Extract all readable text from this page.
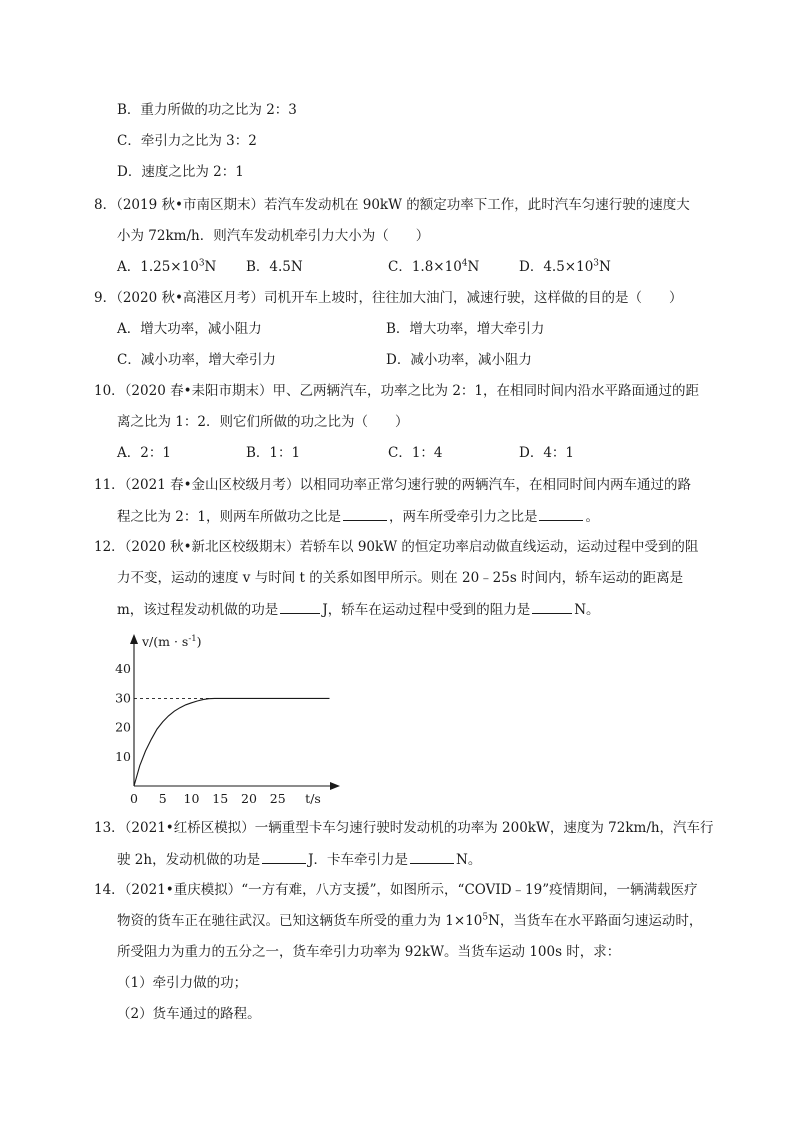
B．重力所做的功之比为 2：3
C．牵引力之比为 3：2
D．速度之比为 2：1
8．（2019 秋•市南区期末）若汽车发动机在 90kW 的额定功率下工作，此时汽车匀速行驶的速度大
小为 72km/h．则汽车发动机牵引力大小为（　　）
A．$1.25\times 10^3N$ B．4.5N	C．$1.8\times 10^4N$	D．$4.5\times 10^3N$
9．（2020 秋•高港区月考）司机开车上坡时，往往加大油门，减速行驶，这样做的目的是（　　）
A．增大功率，减小阻力	B．增大功率，增大牵引力
C．减小功率，增大牵引力	D．减小功率，减小阻力
10．（2020 春•耒阳市期末）甲、乙两辆汽车，功率之比为 2：1，在相同时间内沿水平路面通过的距
离之比为 1：2．则它们所做的功之比为（　　）
A．2：1	B．1：1	C．1：4	D．4：1
11．（2021 春•金山区校级月考）以相同功率正常匀速行驶的两辆汽车，在相同时间内两车通过的路
程之比为 2：1，则两车所做功之比是	，两车所受牵引力之比是	。
12．（2020 秋•新北区校级期末）若轿车以 90kW 的恒定功率启动做直线运动，运动过程中受到的阻
力不变，运动的速度 v 与时间 t 的关系如图甲所示。则在 20﹣25s 时间内，轿车运动的距离是
m，该过程发动机做的功是	J，轿车在运动过程中受到的阻力是	N。
0 5 10 15 20 25
10
20
30
40
$v/(m \cdot s^{-1})$
t/s
13．（2021•红桥区模拟）一辆重型卡车匀速行驶时发动机的功率为 200kW，速度为 72km/h，汽车行
驶 2h，发动机做的功是	J．卡车牵引力是	N。
14．（2021•重庆模拟）“一方有难，八方支援”，如图所示，“COVID﹣19”疫情期间，一辆满载医疗
物资的货车正在驰往武汉。已知这辆货车所受的重力为 $1\times 10^5N$，当货车在水平路面匀速运动时，
所受阻力为重力的五分之一，货车牵引力功率为 92kW。当货车运动 100s 时，求：
（1）牵引力做的功；
（2）货车通过的路程。
